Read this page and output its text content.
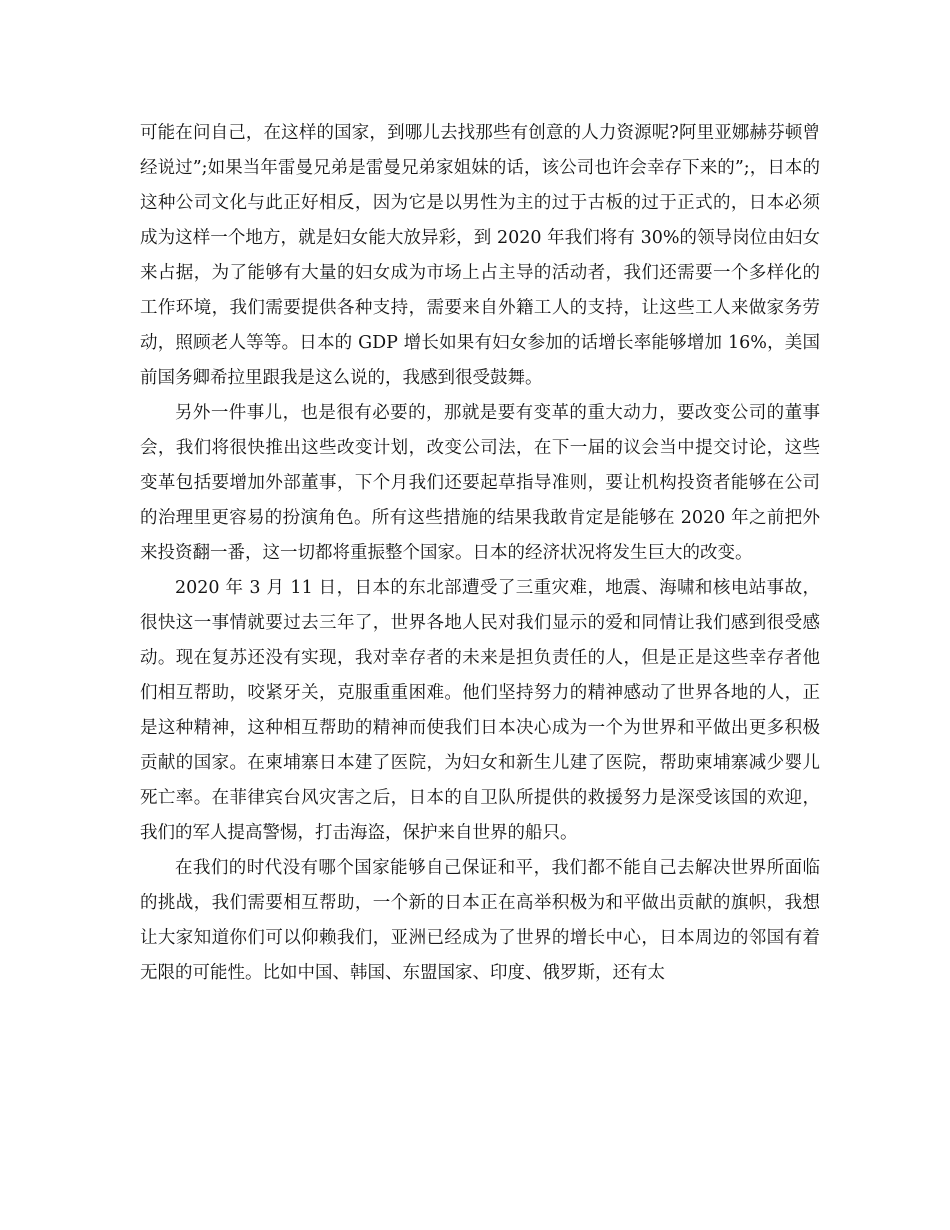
可能在问自己，在这样的国家，到哪儿去找那些有创意的人力资源呢?阿里亚娜赫芬顿曾经说过”;如果当年雷曼兄弟是雷曼兄弟家姐妹的话，该公司也许会幸存下来的”;，日本的这种公司文化与此正好相反，因为它是以男性为主的过于古板的过于正式的，日本必须成为这样一个地方，就是妇女能大放异彩，到 2020 年我们将有 30%的领导岗位由妇女来占据，为了能够有大量的妇女成为市场上占主导的活动者，我们还需要一个多样化的工作环境，我们需要提供各种支持，需要来自外籍工人的支持，让这些工人来做家务劳动，照顾老人等等。日本的 GDP 增长如果有妇女参加的话增长率能够增加 16%，美国前国务卿希拉里跟我是这么说的，我感到很受鼓舞。

另外一件事儿，也是很有必要的，那就是要有变革的重大动力，要改变公司的董事会，我们将很快推出这些改变计划，改变公司法，在下一届的议会当中提交讨论，这些变革包括要增加外部董事，下个月我们还要起草指导准则，要让机构投资者能够在公司的治理里更容易的扮演角色。所有这些措施的结果我敢肯定是能够在 2020 年之前把外来投资翻一番，这一切都将重振整个国家。日本的经济状况将发生巨大的改变。

2020 年 3 月 11 日，日本的东北部遭受了三重灾难，地震、海啸和核电站事故，很快这一事情就要过去三年了，世界各地人民对我们显示的爱和同情让我们感到很受感动。现在复苏还没有实现，我对幸存者的未来是担负责任的人，但是正是这些幸存者他们相互帮助，咬紧牙关，克服重重困难。他们坚持努力的精神感动了世界各地的人，正是这种精神，这种相互帮助的精神而使我们日本决心成为一个为世界和平做出更多积极贡献的国家。在柬埔寨日本建了医院，为妇女和新生儿建了医院，帮助柬埔寨减少婴儿死亡率。在菲律宾台风灾害之后，日本的自卫队所提供的救援努力是深受该国的欢迎，我们的军人提高警惕，打击海盗，保护来自世界的船只。

在我们的时代没有哪个国家能够自己保证和平，我们都不能自己去解决世界所面临的挑战，我们需要相互帮助，一个新的日本正在高举积极为和平做出贡献的旗帜，我想让大家知道你们可以仰赖我们，亚洲已经成为了世界的增长中心，日本周边的邻国有着无限的可能性。比如中国、韩国、东盟国家、印度、俄罗斯，还有太
